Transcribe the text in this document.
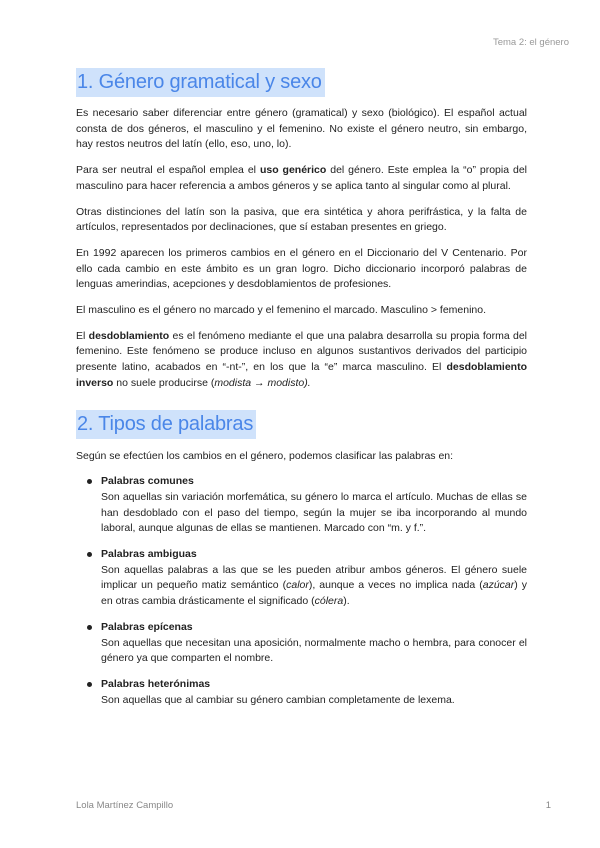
Tema 2: el género
1. Género gramatical y sexo

Es necesario saber diferenciar entre género (gramatical) y sexo (biológico). El español actual consta de dos géneros, el masculino y el femenino. No existe el género neutro, sin embargo, hay restos neutros del latín (ello, eso, uno, lo).

Para ser neutral el español emplea el uso genérico del género. Este emplea la “o” propia del masculino para hacer referencia a ambos géneros y se aplica tanto al singular como al plural.

Otras distinciones del latín son la pasiva, que era sintética y ahora perifrástica, y la falta de artículos, representados por declinaciones, que sí estaban presentes en griego.

En 1992 aparecen los primeros cambios en el género en el Diccionario del V Centenario. Por ello cada cambio en este ámbito es un gran logro. Dicho diccionario incorporó palabras de lenguas amerindias, acepciones y desdoblamientos de profesiones.

El masculino es el género no marcado y el femenino el marcado. Masculino > femenino.

El desdoblamiento es el fenómeno mediante el que una palabra desarrolla su propia forma del femenino. Este fenómeno se produce incluso en algunos sustantivos derivados del participio presente latino, acabados en “-nt-”, en los que la “e” marca masculino. El desdoblamiento inverso no suele producirse (modista → modisto).

2. Tipos de palabras

Según se efectúen los cambios en el género, podemos clasificar las palabras en:

Palabras comunes
Son aquellas sin variación morfemática, su género lo marca el artículo. Muchas de ellas se han desdoblado con el paso del tiempo, según la mujer se iba incorporando al mundo laboral, aunque algunas de ellas se mantienen. Marcado con “m. y f.”.
Palabras ambiguas
Son aquellas palabras a las que se les pueden atribur ambos géneros. El género suele implicar un pequeño matiz semántico (calor), aunque a veces no implica nada (azúcar) y en otras cambia drásticamente el significado (cólera).
Palabras epícenas
Son aquellas que necesitan una aposición, normalmente macho o hembra, para conocer el género ya que comparten el nombre.
Palabras heterónimas
Son aquellas que al cambiar su género cambian completamente de lexema.
Lola Martínez Campillo	1
